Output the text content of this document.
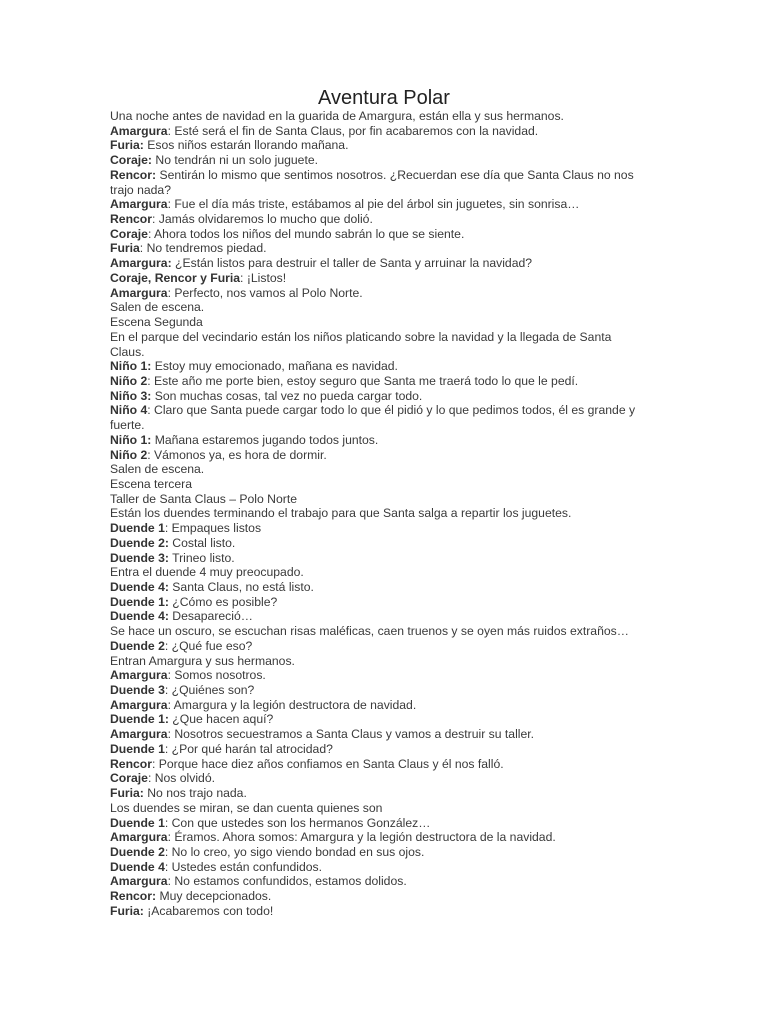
Aventura Polar

Una noche antes de navidad en la guarida de Amargura, están ella y sus hermanos.

Amargura: Esté será el fin de Santa Claus, por fin acabaremos con la navidad.

Furia: Esos niños estarán llorando mañana.

Coraje: No tendrán ni un solo juguete.

Rencor: Sentirán lo mismo que sentimos nosotros. ¿Recuerdan ese día que Santa Claus no nos trajo nada?

Amargura: Fue el día más triste, estábamos al pie del árbol sin juguetes, sin sonrisa…

Rencor: Jamás olvidaremos lo mucho que dolió.

Coraje: Ahora todos los niños del mundo sabrán lo que se siente.

Furia: No tendremos piedad.

Amargura: ¿Están listos para destruir el taller de Santa y arruinar la navidad?

Coraje, Rencor y Furia: ¡Listos!

Amargura: Perfecto, nos vamos al Polo Norte.

Salen de escena.

Escena Segunda

En el parque del vecindario están los niños platicando sobre la navidad y la llegada de Santa Claus.

Niño 1: Estoy muy emocionado, mañana es navidad.

Niño 2: Este año me porte bien, estoy seguro que Santa me traerá todo lo que le pedí.

Niño 3: Son muchas cosas, tal vez no pueda cargar todo.

Niño 4: Claro que Santa puede cargar todo lo que él pidió y lo que pedimos todos, él es grande y fuerte.

Niño 1: Mañana estaremos jugando todos juntos.

Niño 2: Vámonos ya, es hora de dormir.

Salen de escena.

Escena tercera

Taller de Santa Claus – Polo Norte

Están los duendes terminando el trabajo para que Santa salga a repartir los juguetes.

Duende 1: Empaques listos

Duende 2: Costal listo.

Duende 3: Trineo listo.

Entra el duende 4 muy preocupado.

Duende 4: Santa Claus, no está listo.

Duende 1: ¿Cómo es posible?

Duende 4: Desapareció…

Se hace un oscuro, se escuchan risas maléficas, caen truenos y se oyen más ruidos extraños…

Duende 2: ¿Qué fue eso?

Entran Amargura y sus hermanos.

Amargura: Somos nosotros.

Duende 3: ¿Quiénes son?

Amargura: Amargura y la legión destructora de navidad.

Duende 1: ¿Que hacen aquí?

Amargura: Nosotros secuestramos a Santa Claus y vamos a destruir su taller.

Duende 1: ¿Por qué harán tal atrocidad?

Rencor: Porque hace diez años confiamos en Santa Claus y él nos falló.

Coraje: Nos olvidó.

Furia: No nos trajo nada.

Los duendes se miran, se dan cuenta quienes son

Duende 1: Con que ustedes son los hermanos González…

Amargura: Éramos. Ahora somos: Amargura y la legión destructora de la navidad.

Duende 2: No lo creo, yo sigo viendo bondad en sus ojos.

Duende 4: Ustedes están confundidos.

Amargura: No estamos confundidos, estamos dolidos.

Rencor: Muy decepcionados.

Furia: ¡Acabaremos con todo!
